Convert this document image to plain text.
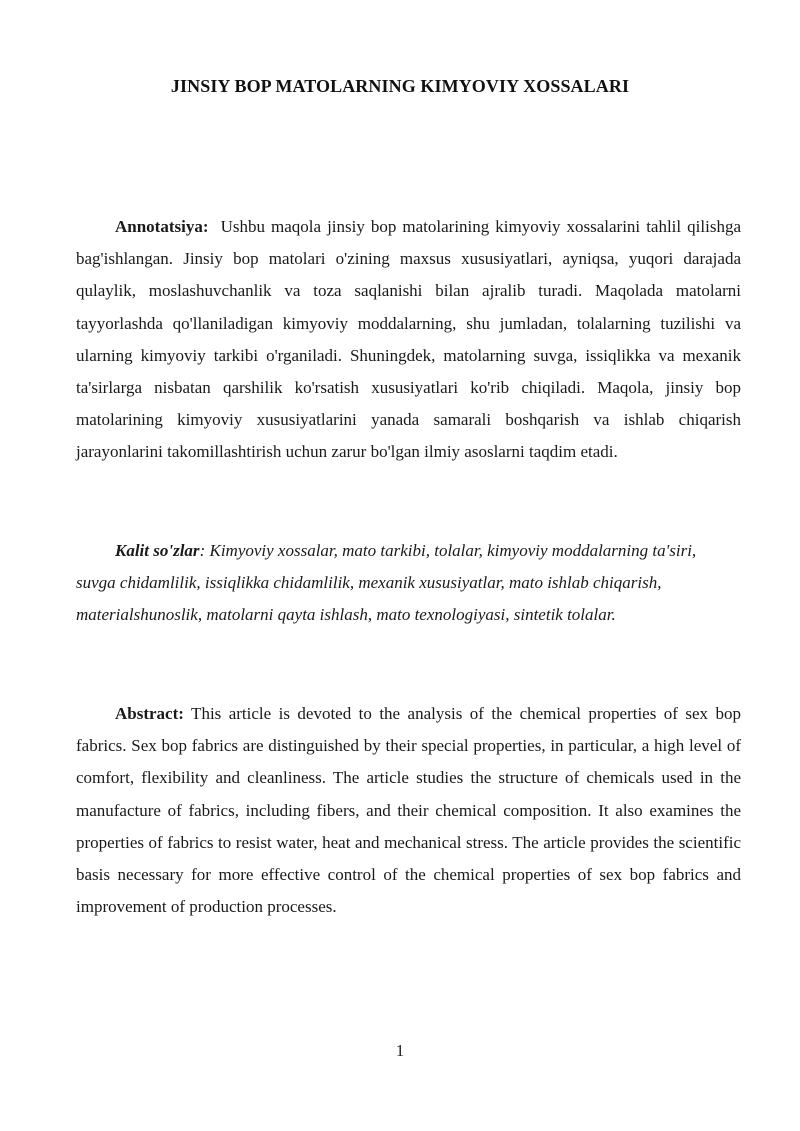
JINSIY BOP MATOLARNING KIMYOVIY XOSSALARI

Annotatsiya:  Ushbu maqola jinsiy bop matolarining kimyoviy xossalarini tahlil qilishga bag'ishlangan. Jinsiy bop matolari o'zining maxsus xususiyatlari, ayniqsa, yuqori darajada qulaylik, moslashuvchanlik va toza saqlanishi bilan ajralib turadi. Maqolada matolarni tayyorlashda qo'llaniladigan kimyoviy moddalarning, shu jumladan, tolalarning tuzilishi va ularning kimyoviy tarkibi o'rganiladi. Shuningdek, matolarning suvga, issiqlikka va mexanik ta'sirlarga nisbatan qarshilik ko'rsatish xususiyatlari ko'rib chiqiladi. Maqola, jinsiy bop matolarining kimyoviy xususiyatlarini yanada samarali boshqarish va ishlab chiqarish jarayonlarini takomillashtirish uchun zarur bo'lgan ilmiy asoslarni taqdim etadi.

Kalit so'zlar: Kimyoviy xossalar, mato tarkibi, tolalar, kimyoviy moddalarning ta'siri, suvga chidamlilik, issiqlikka chidamlilik, mexanik xususiyatlar, mato ishlab chiqarish, materialshunoslik, matolarni qayta ishlash, mato texnologiyasi, sintetik tolalar.

Abstract: This article is devoted to the analysis of the chemical properties of sex bop fabrics. Sex bop fabrics are distinguished by their special properties, in particular, a high level of comfort, flexibility and cleanliness. The article studies the structure of chemicals used in the manufacture of fabrics, including fibers, and their chemical composition. It also examines the properties of fabrics to resist water, heat and mechanical stress. The article provides the scientific basis necessary for more effective control of the chemical properties of sex bop fabrics and improvement of production processes.

1
